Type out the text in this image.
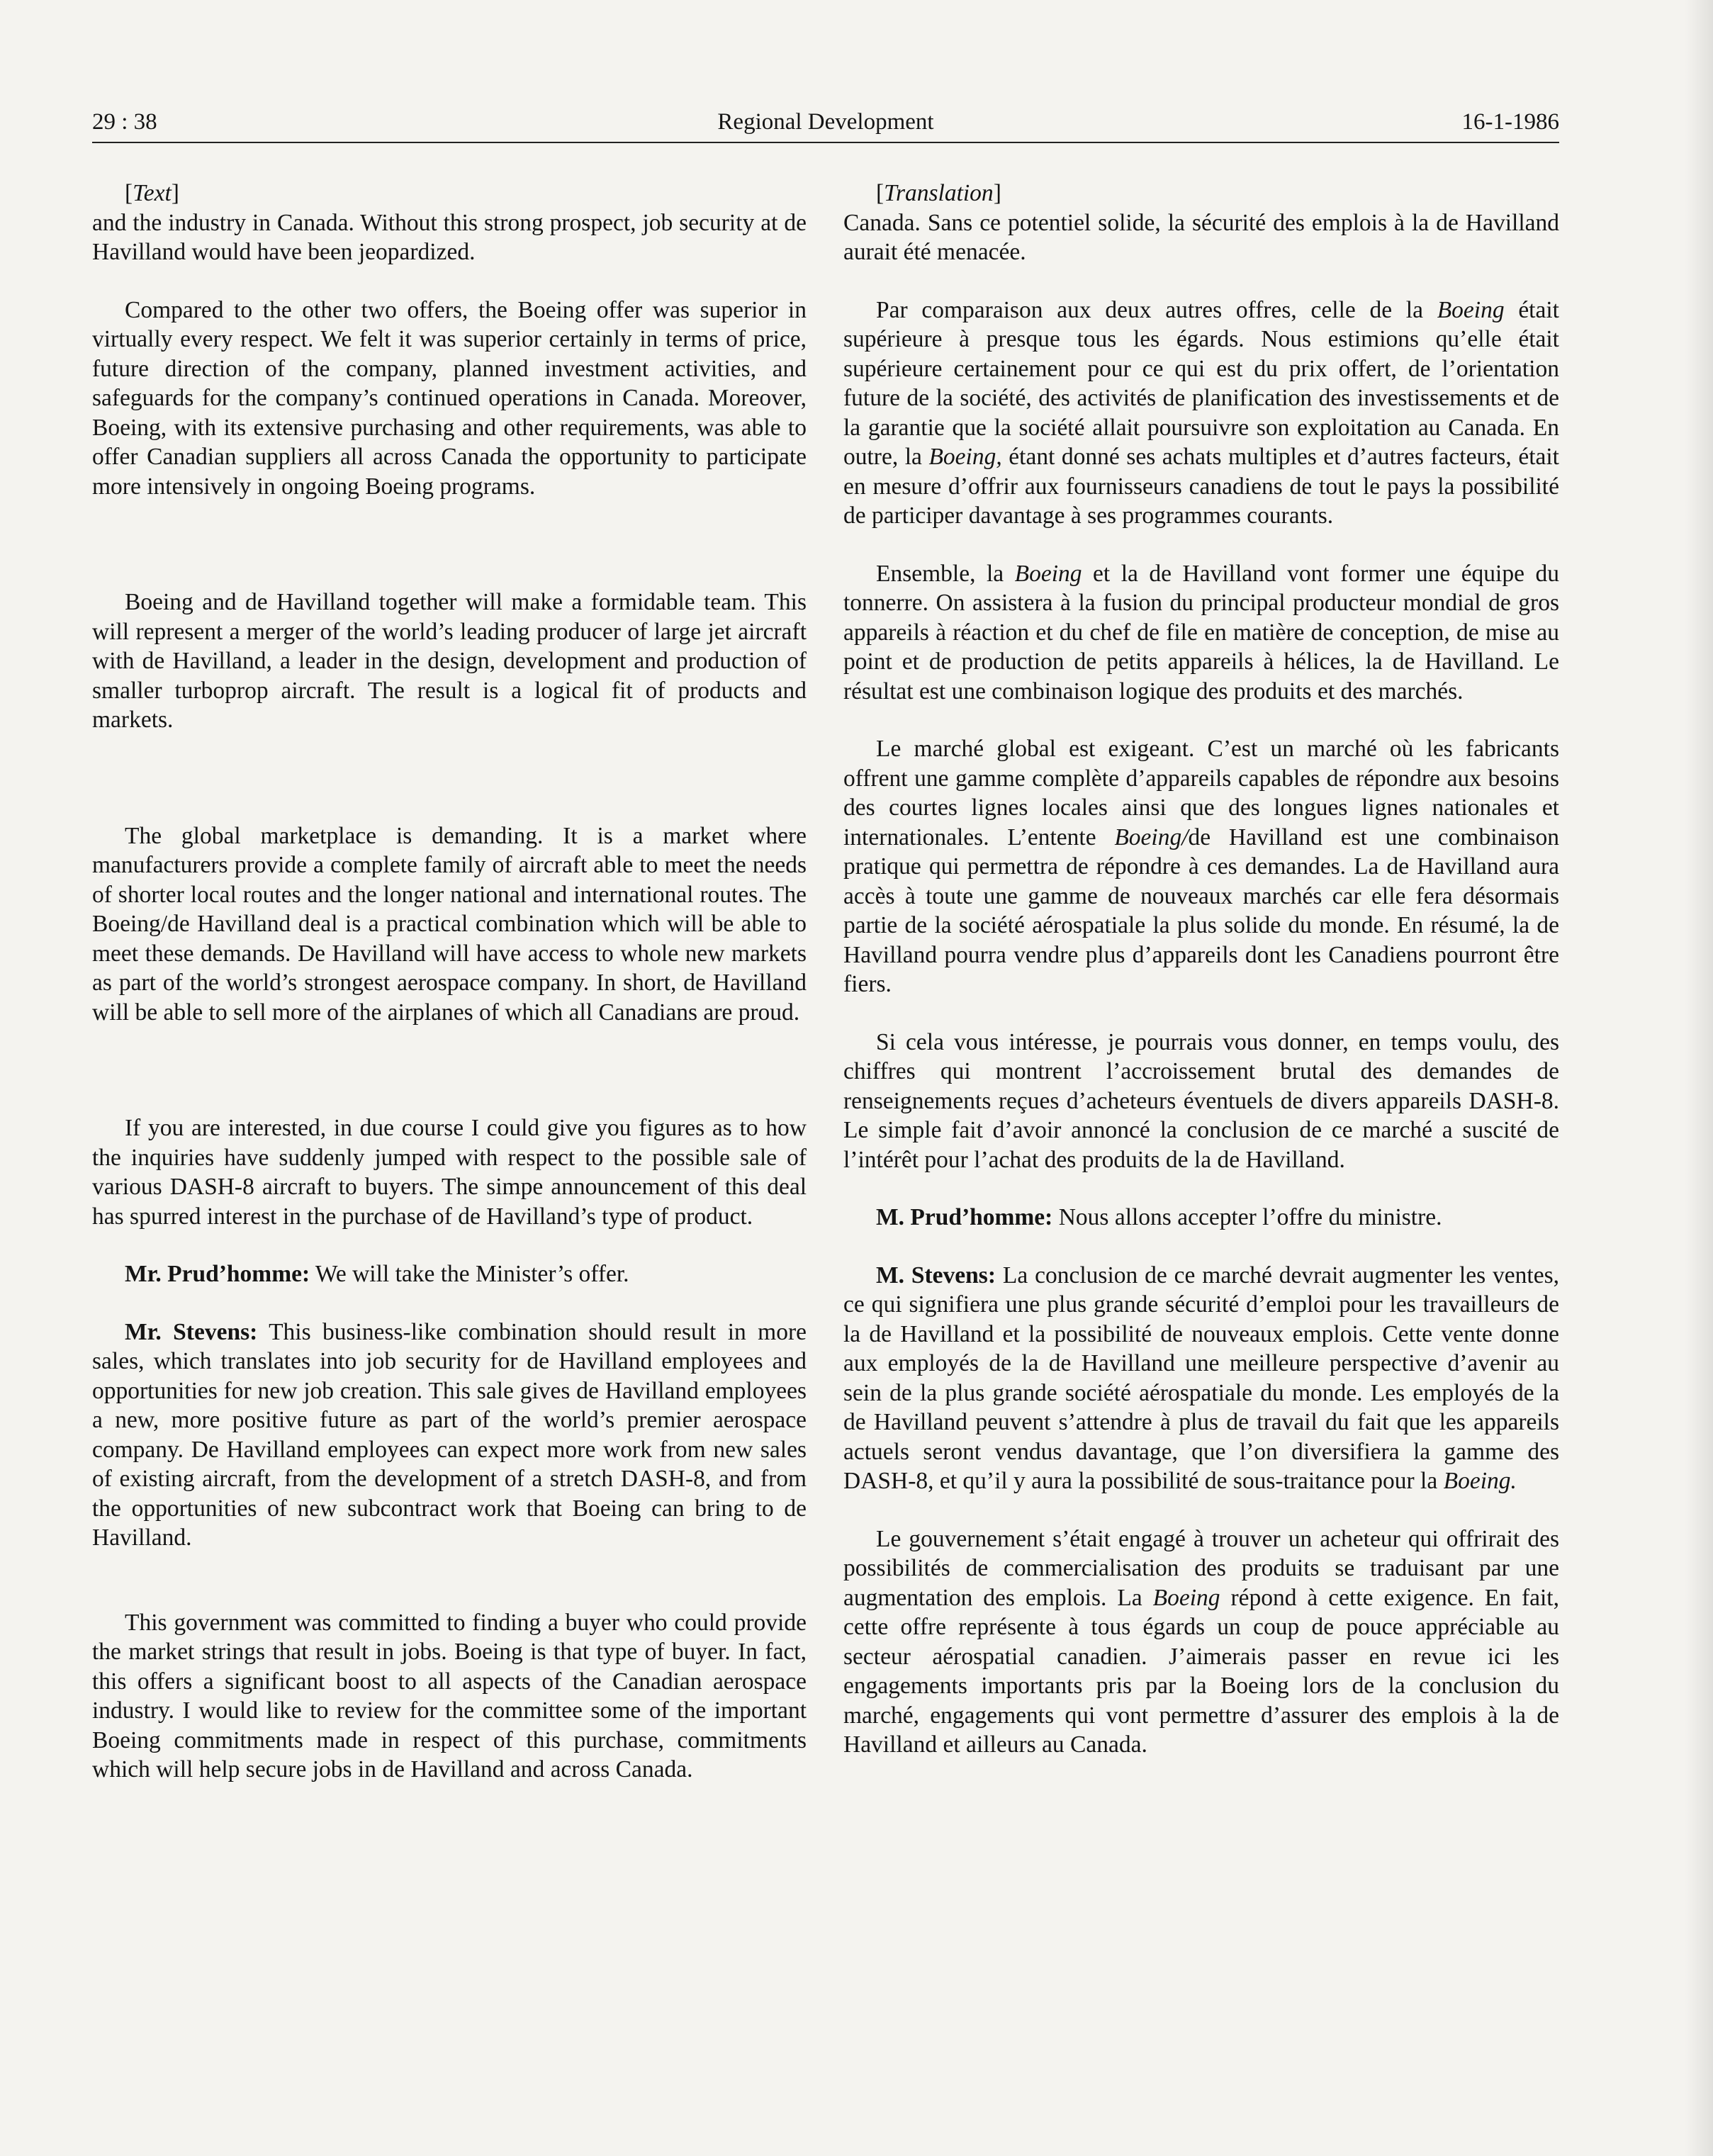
29 : 38	Regional Development	16-1-1986

[Text]

and the industry in Canada. Without this strong prospect, job security at de Havilland would have been jeopardized.

Compared to the other two offers, the Boeing offer was superior in virtually every respect. We felt it was superior certainly in terms of price, future direction of the company, planned investment activities, and safeguards for the company’s continued operations in Canada. Moreover, Boeing, with its extensive purchasing and other requirements, was able to offer Canadian suppliers all across Canada the opportunity to participate more intensively in ongoing Boeing programs.

Boeing and de Havilland together will make a formidable team. This will represent a merger of the world’s leading producer of large jet aircraft with de Havilland, a leader in the design, development and production of smaller turboprop aircraft. The result is a logical fit of products and markets.

The global marketplace is demanding. It is a market where manufacturers provide a complete family of aircraft able to meet the needs of shorter local routes and the longer national and international routes. The Boeing/de Havilland deal is a practical combination which will be able to meet these demands. De Havilland will have access to whole new markets as part of the world’s strongest aerospace company. In short, de Havilland will be able to sell more of the airplanes of which all Canadians are proud.

If you are interested, in due course I could give you figures as to how the inquiries have suddenly jumped with respect to the possible sale of various DASH-8 aircraft to buyers. The simpe announcement of this deal has spurred interest in the purchase of de Havilland’s type of product.

Mr. Prud’homme: We will take the Minister’s offer.

Mr. Stevens: This business-like combination should result in more sales, which translates into job security for de Havilland employees and opportunities for new job creation. This sale gives de Havilland employees a new, more positive future as part of the world’s premier aerospace company. De Havilland employees can expect more work from new sales of existing aircraft, from the development of a stretch DASH-8, and from the opportunities of new subcontract work that Boeing can bring to de Havilland.

This government was committed to finding a buyer who could provide the market strings that result in jobs. Boeing is that type of buyer. In fact, this offers a significant boost to all aspects of the Canadian aerospace industry. I would like to review for the committee some of the important Boeing commitments made in respect of this purchase, commitments which will help secure jobs in de Havilland and across Canada.

[Translation]

Canada. Sans ce potentiel solide, la sécurité des emplois à la de Havilland aurait été menacée.

Par comparaison aux deux autres offres, celle de la Boeing était supérieure à presque tous les égards. Nous estimions qu’elle était supérieure certainement pour ce qui est du prix offert, de l’orientation future de la société, des activités de planification des investissements et de la garantie que la société allait poursuivre son exploitation au Canada. En outre, la Boeing, étant donné ses achats multiples et d’autres facteurs, était en mesure d’offrir aux fournisseurs canadiens de tout le pays la possibilité de participer davantage à ses programmes courants.

Ensemble, la Boeing et la de Havilland vont former une équipe du tonnerre. On assistera à la fusion du principal producteur mondial de gros appareils à réaction et du chef de file en matière de conception, de mise au point et de production de petits appareils à hélices, la de Havilland. Le résultat est une combinaison logique des produits et des marchés.

Le marché global est exigeant. C’est un marché où les fabricants offrent une gamme complète d’appareils capables de répondre aux besoins des courtes lignes locales ainsi que des longues lignes nationales et internationales. L’entente Boeing/de Havilland est une combinaison pratique qui permettra de répondre à ces demandes. La de Havilland aura accès à toute une gamme de nouveaux marchés car elle fera désormais partie de la société aérospatiale la plus solide du monde. En résumé, la de Havilland pourra vendre plus d’appareils dont les Canadiens pourront être fiers.

Si cela vous intéresse, je pourrais vous donner, en temps voulu, des chiffres qui montrent l’accroissement brutal des demandes de renseignements reçues d’acheteurs éventuels de divers appareils DASH-8. Le simple fait d’avoir annoncé la conclusion de ce marché a suscité de l’intérêt pour l’achat des produits de la de Havilland.

M. Prud’homme: Nous allons accepter l’offre du ministre.

M. Stevens: La conclusion de ce marché devrait augmenter les ventes, ce qui signifiera une plus grande sécurité d’emploi pour les travailleurs de la de Havilland et la possibilité de nouveaux emplois. Cette vente donne aux employés de la de Havilland une meilleure perspective d’avenir au sein de la plus grande société aérospatiale du monde. Les employés de la de Havilland peuvent s’attendre à plus de travail du fait que les appareils actuels seront vendus davantage, que l’on diversifiera la gamme des DASH-8, et qu’il y aura la possibilité de sous-traitance pour la Boeing.

Le gouvernement s’était engagé à trouver un acheteur qui offrirait des possibilités de commercialisation des produits se traduisant par une augmentation des emplois. La Boeing répond à cette exigence. En fait, cette offre représente à tous égards un coup de pouce appréciable au secteur aérospatial canadien. J’aimerais passer en revue ici les engagements importants pris par la Boeing lors de la conclusion du marché, engagements qui vont permettre d’assurer des emplois à la de Havilland et ailleurs au Canada.
